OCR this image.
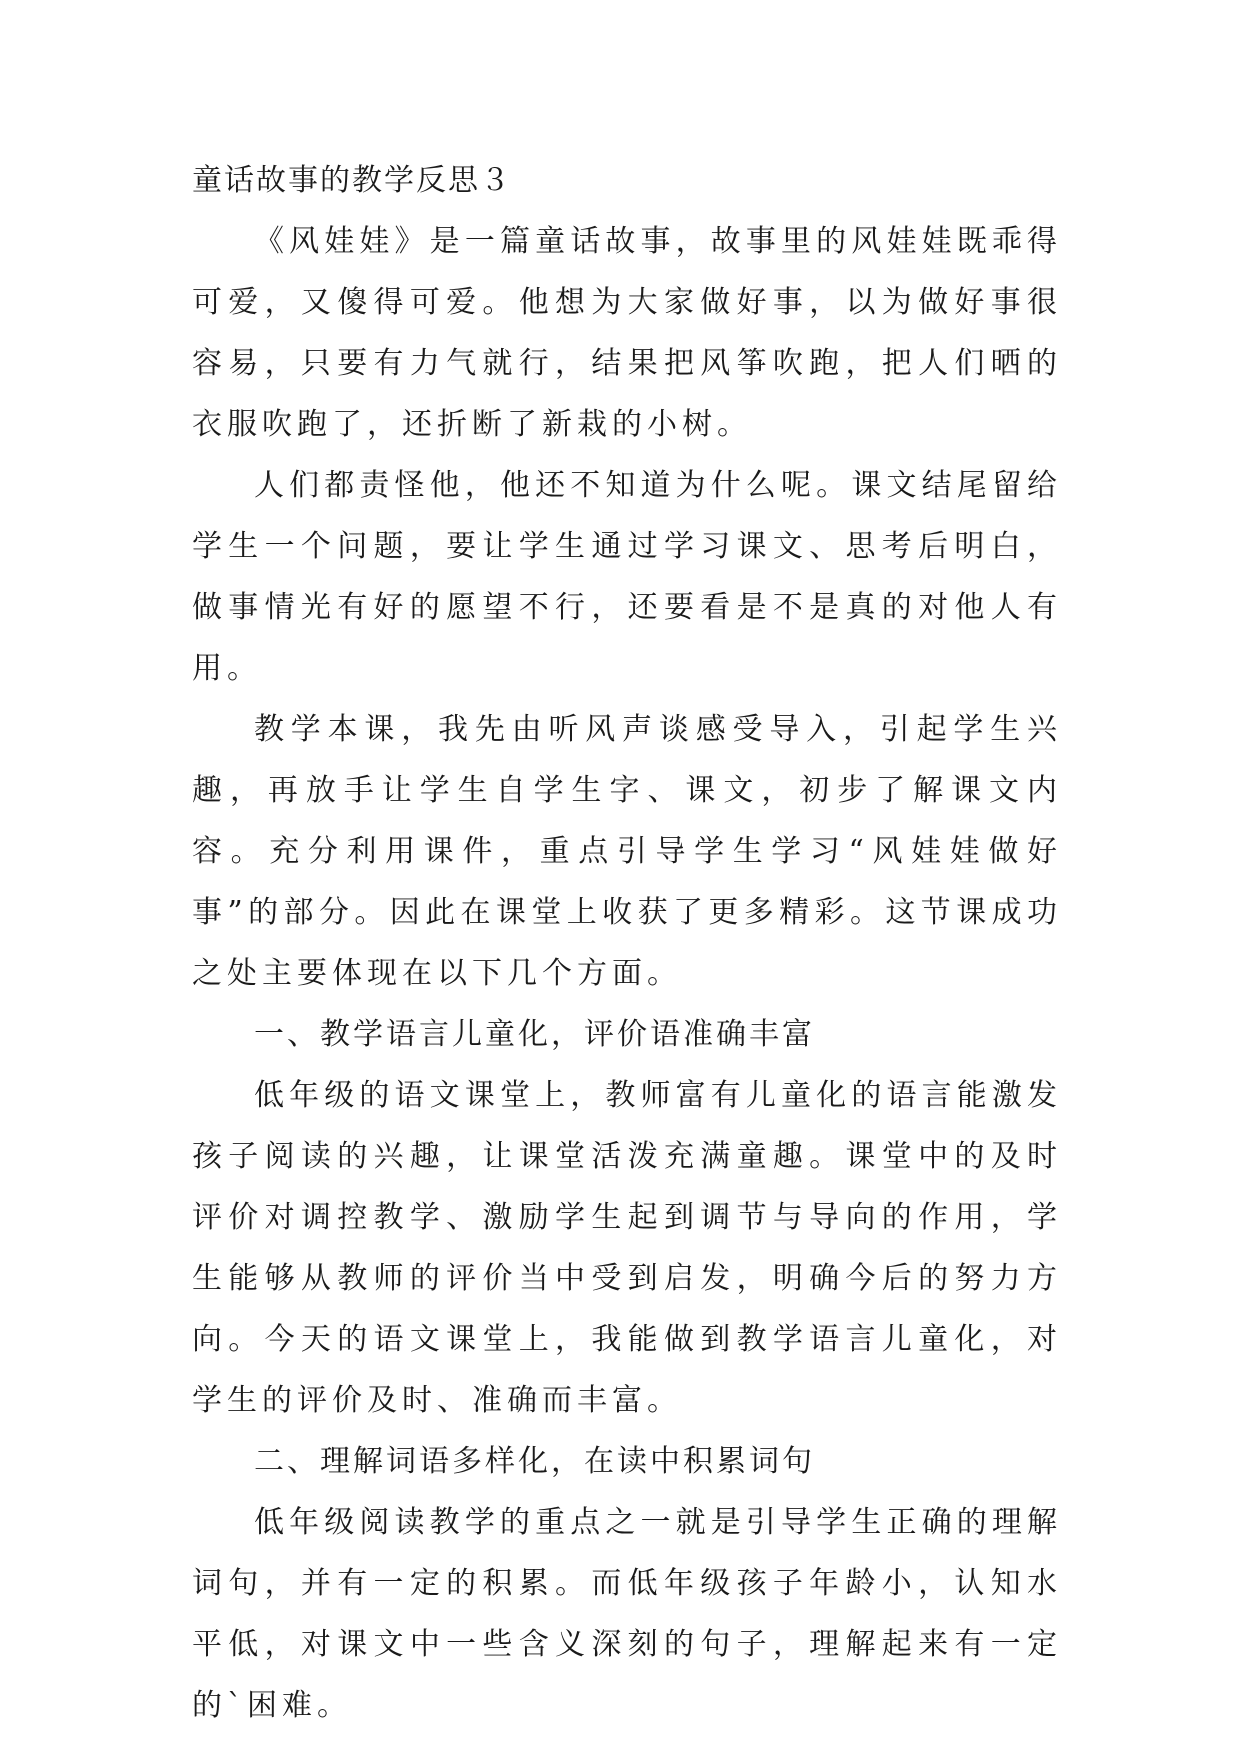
童话故事的教学反思３

《风娃娃》是一篇童话故事，故事里的风娃娃既乖得可爱，又傻得可爱。他想为大家做好事，以为做好事很容易，只要有力气就行，结果把风筝吹跑，把人们晒的衣服吹跑了，还折断了新栽的小树。

人们都责怪他，他还不知道为什么呢。课文结尾留给学生一个问题，要让学生通过学习课文、思考后明白，做事情光有好的愿望不行，还要看是不是真的对他人有用。

教学本课，我先由听风声谈感受导入，引起学生兴趣，再放手让学生自学生字、课文，初步了解课文内容。充分利用课件，重点引导学生学习“风娃娃做好事”的部分。因此在课堂上收获了更多精彩。这节课成功之处主要体现在以下几个方面。

一、教学语言儿童化，评价语准确丰富

低年级的语文课堂上，教师富有儿童化的语言能激发孩子阅读的兴趣，让课堂活泼充满童趣。课堂中的及时评价对调控教学、激励学生起到调节与导向的作用，学生能够从教师的评价当中受到启发，明确今后的努力方向。今天的语文课堂上，我能做到教学语言儿童化，对学生的评价及时、准确而丰富。

二、理解词语多样化，在读中积累词句

低年级阅读教学的重点之一就是引导学生正确的理解词句，并有一定的积累。而低年级孩子年龄小，认知水平低，对课文中一些含义深刻的句子，理解起来有一定的`困难。
